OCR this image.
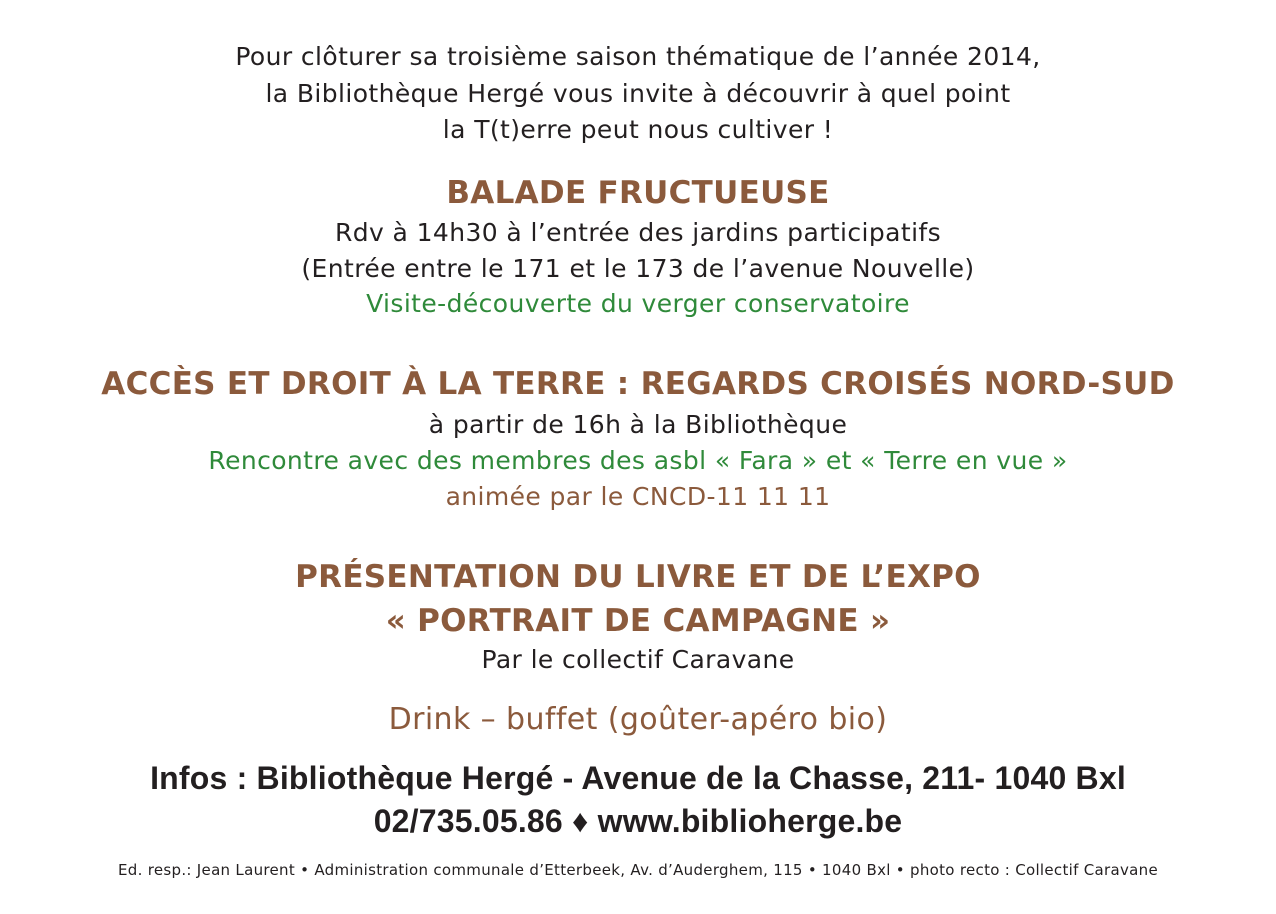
Pour clôturer sa troisième saison thématique de l’année 2014,

la Bibliothèque Hergé vous invite à découvrir à quel point

la T(t)erre peut nous cultiver !

BALADE FRUCTUEUSE

Rdv à 14h30 à l’entrée des jardins participatifs

(Entrée entre le 171 et le 173 de l’avenue Nouvelle)

Visite-découverte du verger conservatoire

ACCÈS ET DROIT À LA TERRE : REGARDS CROISÉS NORD-SUD

à partir de 16h à la Bibliothèque

Rencontre avec des membres des asbl « Fara » et « Terre en vue »

animée par le CNCD-11 11 11

PRÉSENTATION DU LIVRE ET DE L’EXPO

« PORTRAIT DE CAMPAGNE »

Par le collectif Caravane

Drink – buffet (goûter-apéro bio)

Infos : Bibliothèque Hergé - Avenue de la Chasse, 211- 1040 Bxl

02/735.05.86 ♦ www.biblioherge.be

Ed. resp.: Jean Laurent • Administration communale d’Etterbeek, Av. d’Auderghem, 115 • 1040 Bxl • photo recto : Collectif Caravane
